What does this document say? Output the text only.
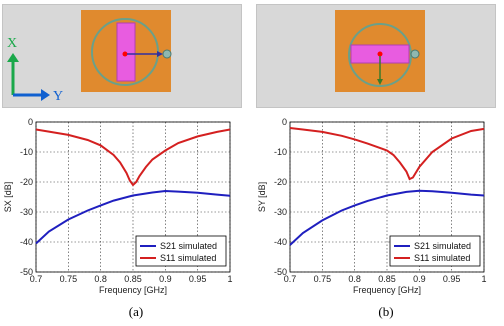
X
Y
0.7 0.75 0.8 0.85 0.9 0.95 1
0
-10
-20
-30
-40
-50
Frequency [GHz]
SX [dB]
S21 simulated
S11 simulated
0.7 0.75 0.8 0.85 0.9 0.95 1
0
-10
-20
-30
-40
-50
Frequency [GHz]
SY [dB]
S21 simulated
S11 simulated
(a)	(b)
